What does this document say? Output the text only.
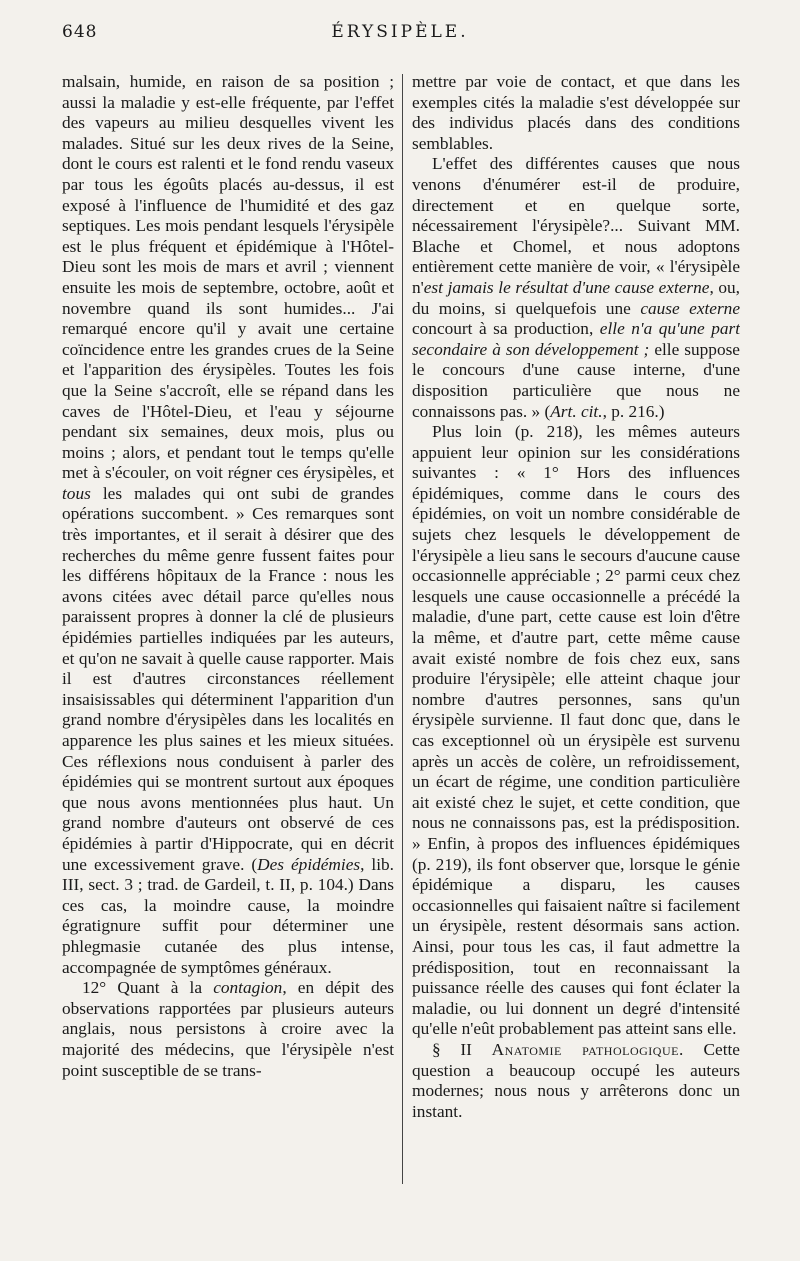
648	ÉRYSIPÈLE.

malsain, humide, en raison de sa position ; aussi la maladie y est-elle fréquente, par l'effet des vapeurs au milieu desquelles vivent les malades. Situé sur les deux rives de la Seine, dont le cours est ralenti et le fond rendu vaseux par tous les égoûts placés au-dessus, il est exposé à l'influence de l'humidité et des gaz septiques. Les mois pendant lesquels l'érysipèle est le plus fréquent et épidémique à l'Hôtel-Dieu sont les mois de mars et avril ; viennent ensuite les mois de septembre, octobre, août et novembre quand ils sont humides... J'ai remarqué encore qu'il y avait une certaine coïncidence entre les grandes crues de la Seine et l'apparition des érysipèles. Toutes les fois que la Seine s'accroît, elle se répand dans les caves de l'Hôtel-Dieu, et l'eau y séjourne pendant six semaines, deux mois, plus ou moins ; alors, et pendant tout le temps qu'elle met à s'écouler, on voit régner ces érysipèles, et tous les malades qui ont subi de grandes opérations succombent. » Ces remarques sont très importantes, et il serait à désirer que des recherches du même genre fussent faites pour les différens hôpitaux de la France : nous les avons citées avec détail parce qu'elles nous paraissent propres à donner la clé de plusieurs épidémies partielles indiquées par les auteurs, et qu'on ne savait à quelle cause rapporter. Mais il est d'autres circonstances réellement insaisissables qui déterminent l'apparition d'un grand nombre d'érysipèles dans les localités en apparence les plus saines et les mieux situées. Ces réflexions nous conduisent à parler des épidémies qui se montrent surtout aux époques que nous avons mentionnées plus haut. Un grand nombre d'auteurs ont observé de ces épidémies à partir d'Hippocrate, qui en décrit une excessivement grave. (Des épidémies, lib. III, sect. 3 ; trad. de Gardeil, t. II, p. 104.) Dans ces cas, la moindre cause, la moindre égratignure suffit pour déterminer une phlegmasie cutanée des plus intense, accompagnée de symptômes généraux.

12° Quant à la contagion, en dépit des observations rapportées par plusieurs auteurs anglais, nous persistons à croire avec la majorité des médecins, que l'érysipèle n'est point susceptible de se trans-

mettre par voie de contact, et que dans les exemples cités la maladie s'est développée sur des individus placés dans des conditions semblables.

L'effet des différentes causes que nous venons d'énumérer est-il de produire, directement et en quelque sorte, nécessairement l'érysipèle?... Suivant MM. Blache et Chomel, et nous adoptons entièrement cette manière de voir, « l'érysipèle n'est jamais le résultat d'une cause externe, ou, du moins, si quelquefois une cause externe concourt à sa production, elle n'a qu'une part secondaire à son développement ; elle suppose le concours d'une cause interne, d'une disposition particulière que nous ne connaissons pas. » (Art. cit., p. 216.)

Plus loin (p. 218), les mêmes auteurs appuient leur opinion sur les considérations suivantes : « 1° Hors des influences épidémiques, comme dans le cours des épidémies, on voit un nombre considérable de sujets chez lesquels le développement de l'érysipèle a lieu sans le secours d'aucune cause occasionnelle appréciable ; 2° parmi ceux chez lesquels une cause occasionnelle a précédé la maladie, d'une part, cette cause est loin d'être la même, et d'autre part, cette même cause avait existé nombre de fois chez eux, sans produire l'érysipèle; elle atteint chaque jour nombre d'autres personnes, sans qu'un érysipèle survienne. Il faut donc que, dans le cas exceptionnel où un érysipèle est survenu après un accès de colère, un refroidissement, un écart de régime, une condition particulière ait existé chez le sujet, et cette condition, que nous ne connaissons pas, est la prédisposition. » Enfin, à propos des influences épidémiques (p. 219), ils font observer que, lorsque le génie épidémique a disparu, les causes occasionnelles qui faisaient naître si facilement un érysipèle, restent désormais sans action. Ainsi, pour tous les cas, il faut admettre la prédisposition, tout en reconnaissant la puissance réelle des causes qui font éclater la maladie, ou lui donnent un degré d'intensité qu'elle n'eût probablement pas atteint sans elle.

§ II Anatomie pathologique. Cette question a beaucoup occupé les auteurs modernes; nous nous y arrêterons donc un instant.
